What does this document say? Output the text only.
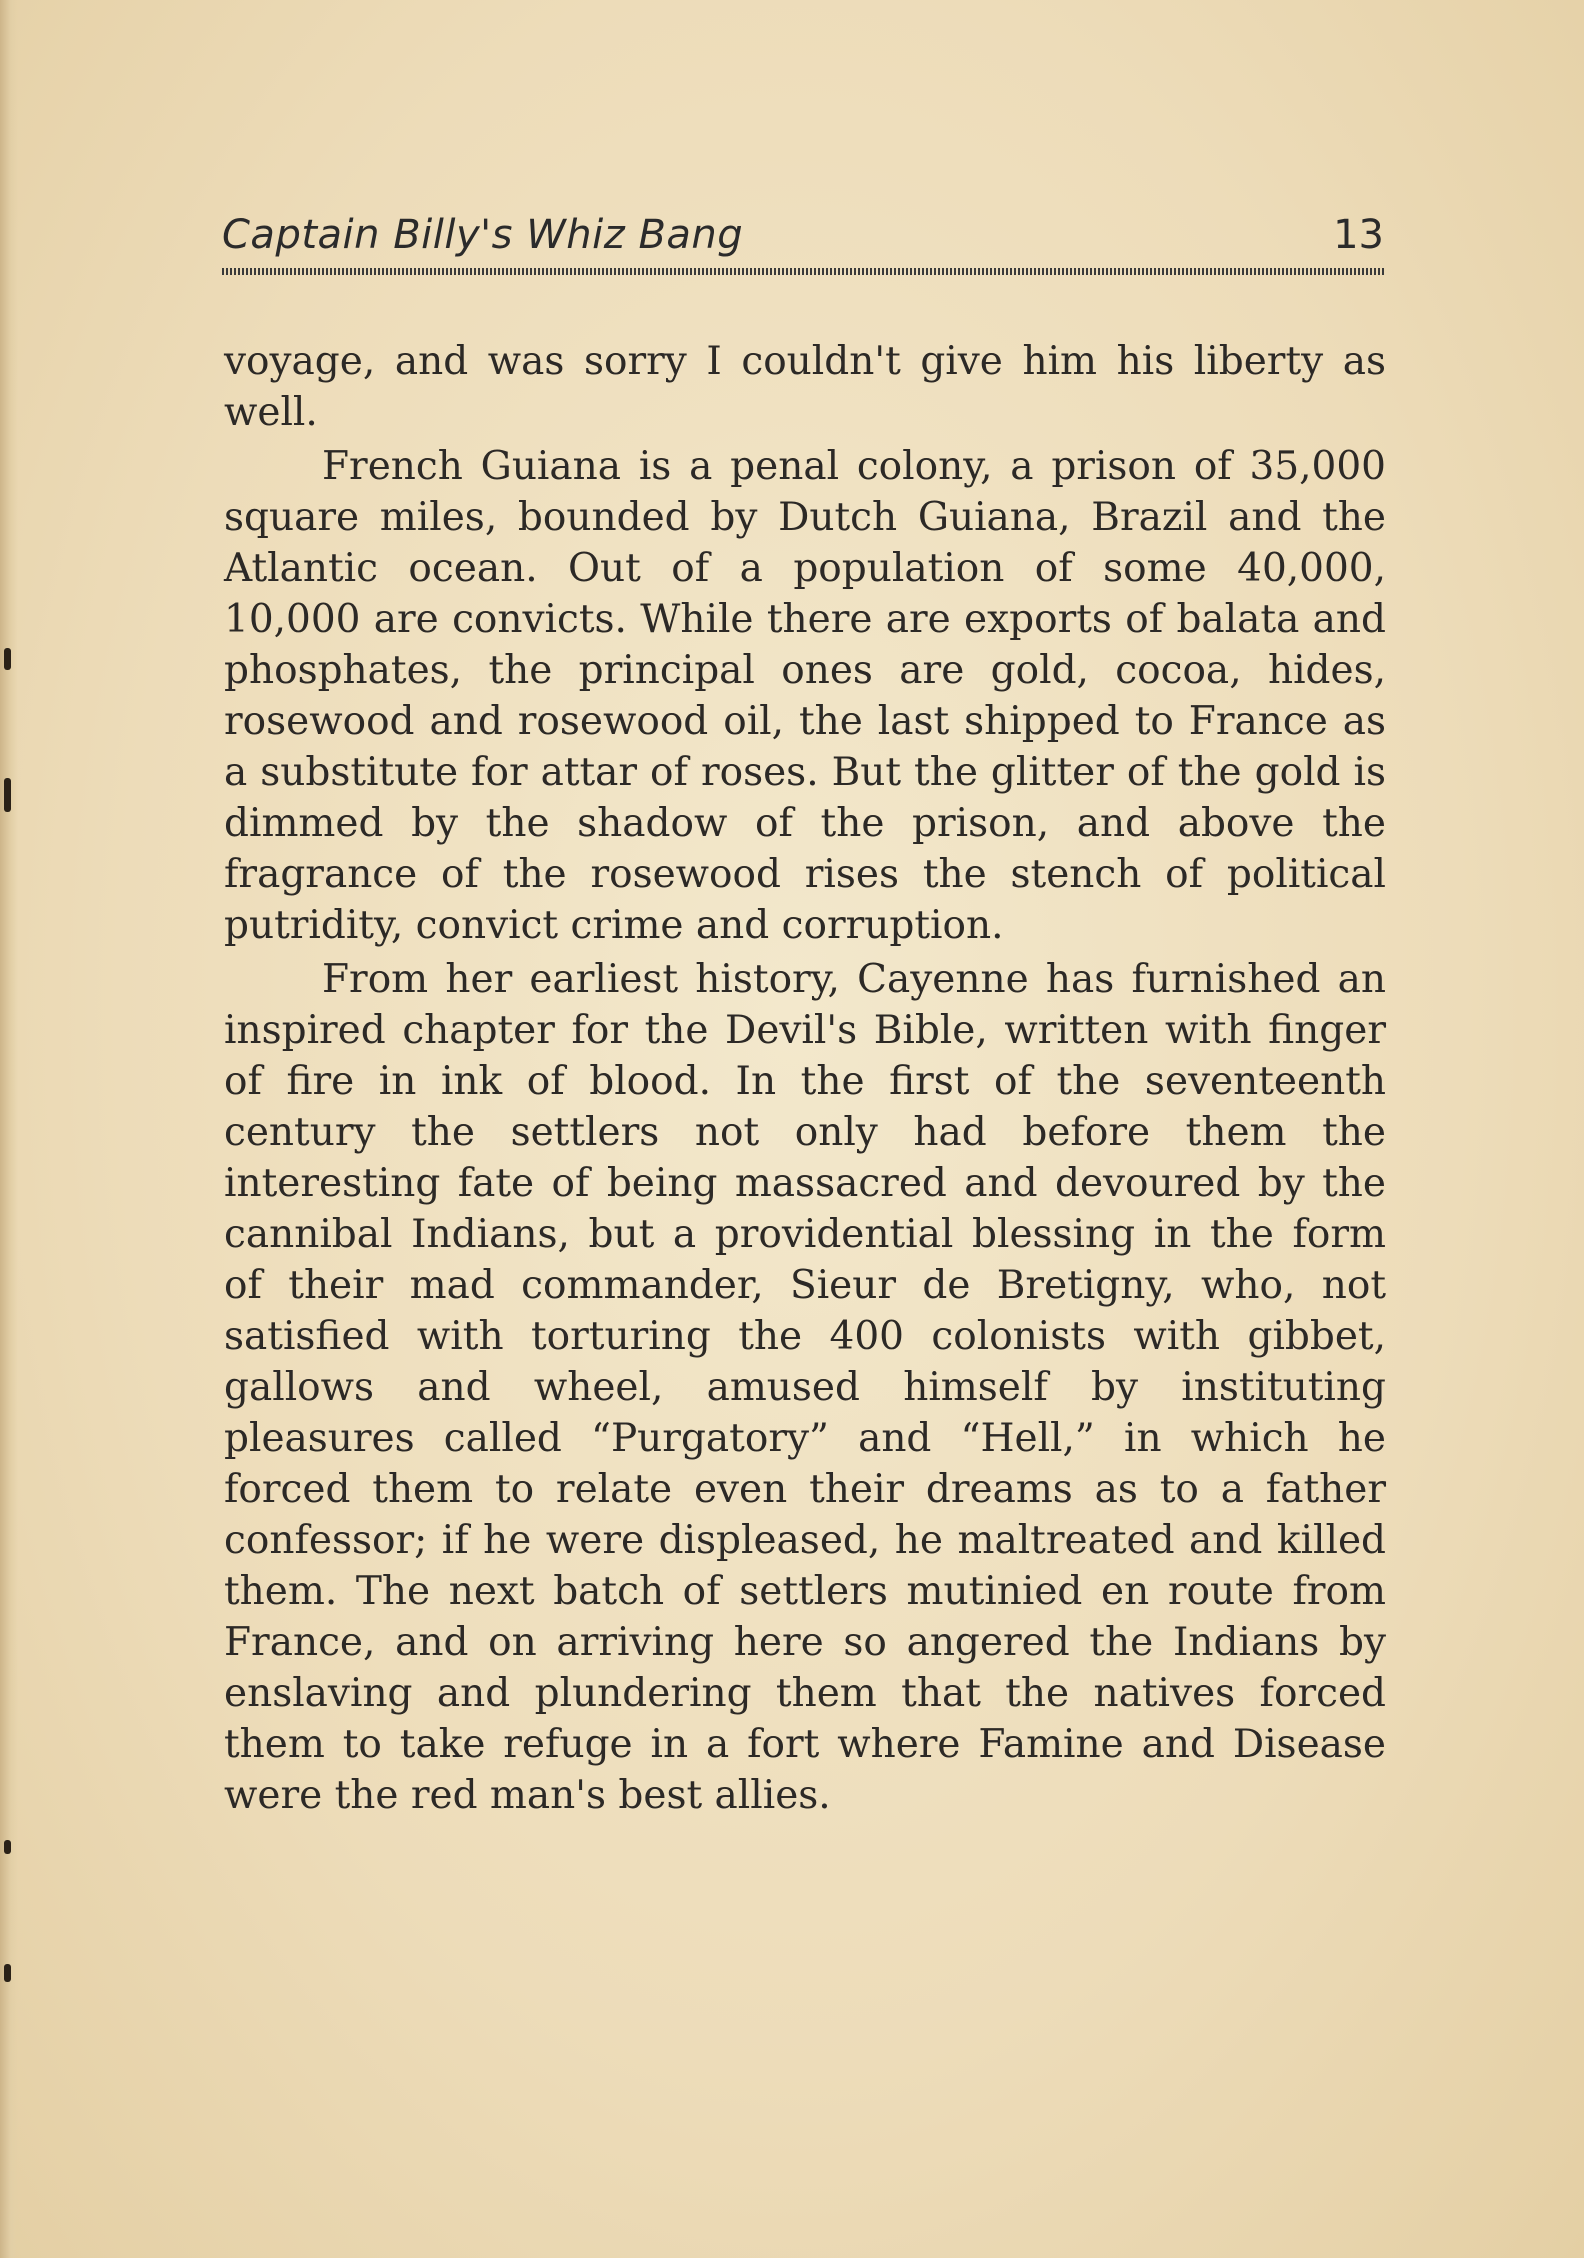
Captain Billy's Whiz Bang	13

voyage, and was sorry I couldn't give him his liberty as well.

French Guiana is a penal colony, a prison of 35,000 square miles, bounded by Dutch Guiana, Brazil and the Atlantic ocean. Out of a population of some 40,000, 10,000 are convicts. While there are exports of balata and phosphates, the principal ones are gold, cocoa, hides, rosewood and rosewood oil, the last shipped to France as a substitute for attar of roses. But the glitter of the gold is dimmed by the shadow of the prison, and above the fragrance of the rosewood rises the stench of political putridity, convict crime and corruption.

From her earliest history, Cayenne has furnished an inspired chapter for the Devil's Bible, written with finger of fire in ink of blood. In the first of the seventeenth century the settlers not only had before them the interesting fate of being massacred and devoured by the cannibal Indians, but a providential blessing in the form of their mad commander, Sieur de Bretigny, who, not satisfied with torturing the 400 colonists with gibbet, gallows and wheel, amused himself by instituting pleasures called “Purgatory” and “Hell,” in which he forced them to relate even their dreams as to a father confessor; if he were displeased, he maltreated and killed them. The next batch of settlers mutinied en route from France, and on arriving here so angered the Indians by enslaving and plundering them that the natives forced them to take refuge in a fort where Famine and Disease were the red man's best allies.
